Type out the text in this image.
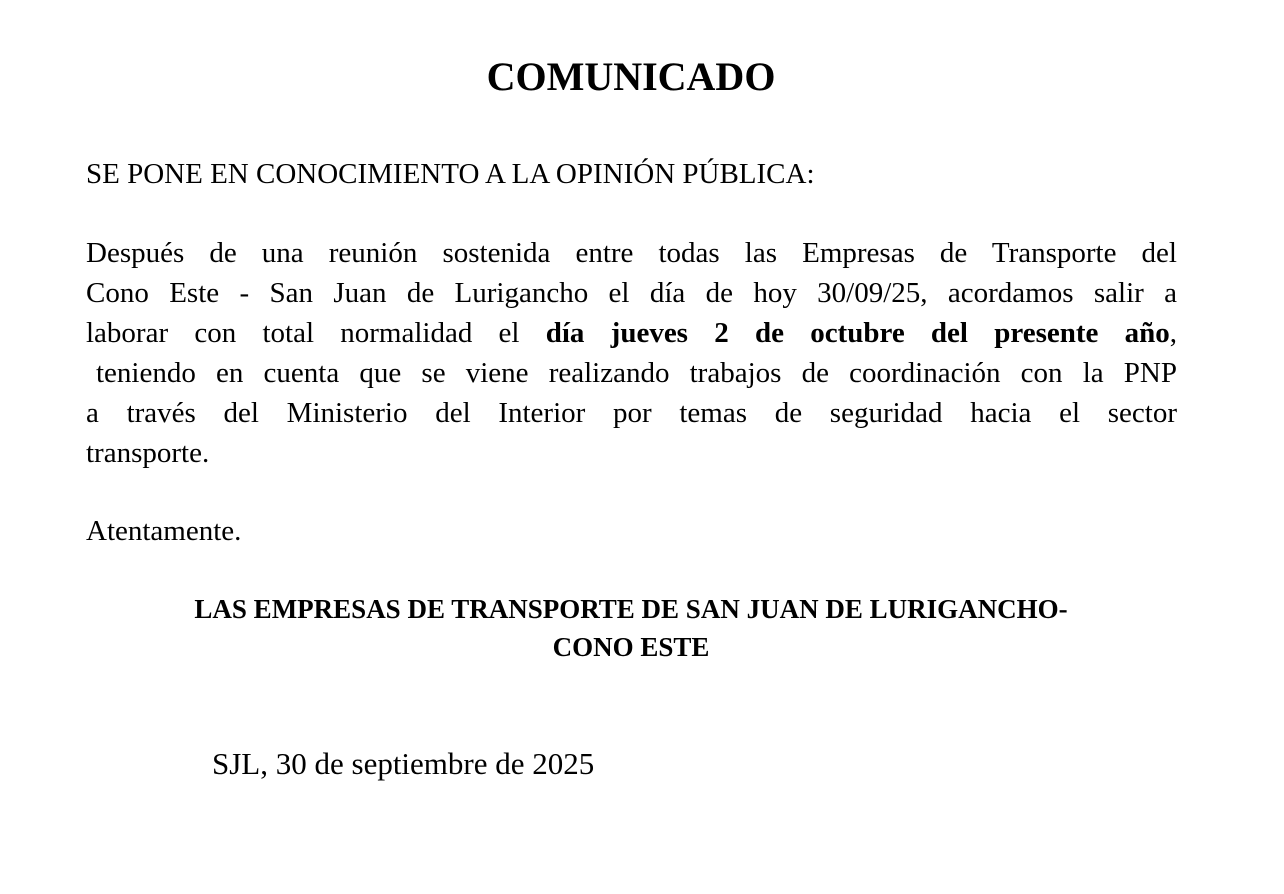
COMUNICADO

SE PONE EN CONOCIMIENTO A LA OPINIÓN PÚBLICA:

Después de una reunión sostenida entre todas las Empresas de Transporte del
Cono Este - San Juan de Lurigancho el día de hoy 30/09/25, acordamos salir a
laborar con total normalidad el día jueves 2 de octubre del presente año,
teniendo en cuenta que se viene realizando trabajos de coordinación con la PNP
a través del Ministerio del Interior por temas de seguridad hacia el sector
transporte.

Atentamente.

LAS EMPRESAS DE TRANSPORTE DE SAN JUAN DE LURIGANCHO-
CONO ESTE

SJL, 30 de septiembre de 2025
